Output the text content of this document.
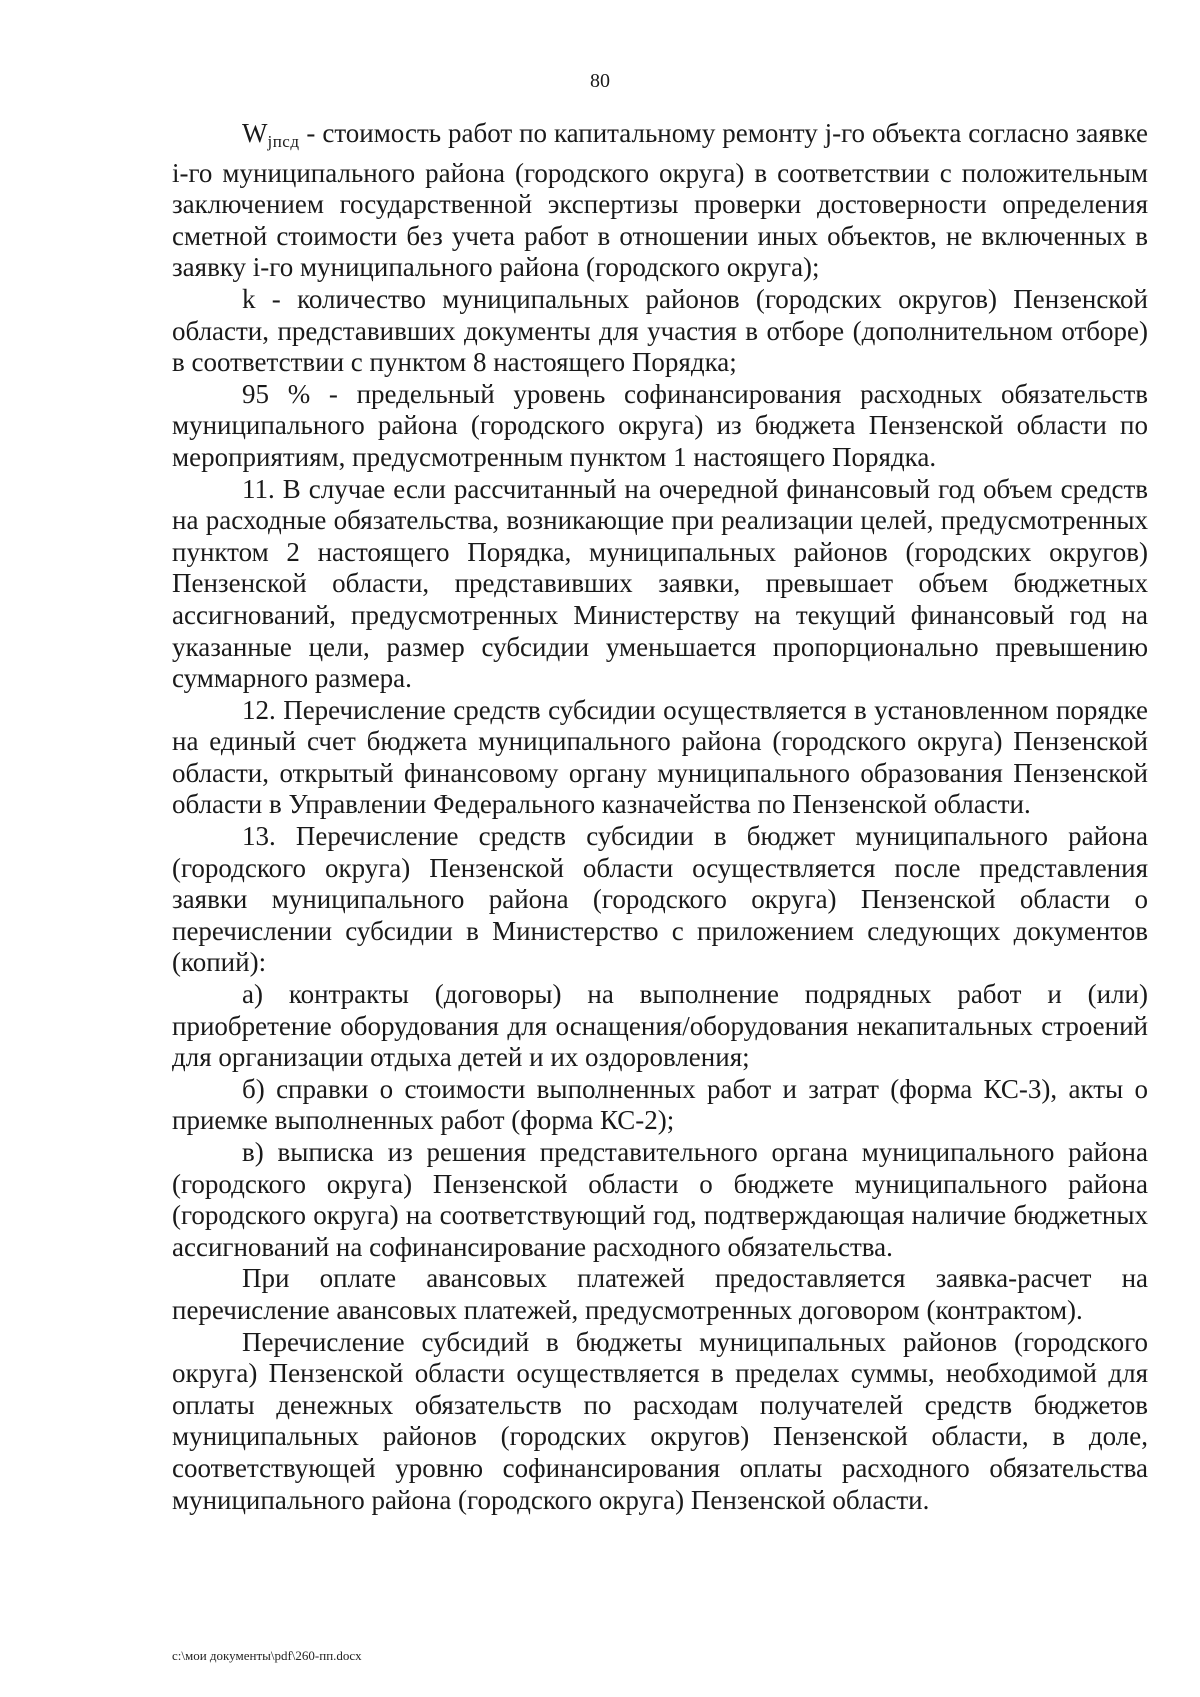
80

$W_{jпсд}$ - стоимость работ по капитальному ремонту j-го объекта согласно заявке i-го муниципального района (городского округа) в соответствии с положительным заключением государственной экспертизы проверки достоверности определения сметной стоимости без учета работ в отношении иных объектов, не включенных в заявку i-го муниципального района (городского округа);

k - количество муниципальных районов (городских округов) Пензенской области, представивших документы для участия в отборе (дополнительном отборе) в соответствии с пунктом 8 настоящего Порядка;

95 % - предельный уровень софинансирования расходных обязательств муниципального района (городского округа) из бюджета Пензенской области по мероприятиям, предусмотренным пунктом 1 настоящего Порядка.

11. В случае если рассчитанный на очередной финансовый год объем средств на расходные обязательства, возникающие при реализации целей, предусмотренных пунктом 2 настоящего Порядка, муниципальных районов (городских округов) Пензенской области, представивших заявки, превышает объем бюджетных ассигнований, предусмотренных Министерству на текущий финансовый год на указанные цели, размер субсидии уменьшается пропорционально превышению суммарного размера.

12. Перечисление средств субсидии осуществляется в установленном порядке на единый счет бюджета муниципального района (городского округа) Пензенской области, открытый финансовому органу муниципального образования Пензенской области в Управлении Федерального казначейства по Пензенской области.

13. Перечисление средств субсидии в бюджет муниципального района (городского округа) Пензенской области осуществляется после представления заявки муниципального района (городского округа) Пензенской области о перечислении субсидии в Министерство с приложением следующих документов (копий):

а) контракты (договоры) на выполнение подрядных работ и (или) приобретение оборудования для оснащения/оборудования некапитальных строений для организации отдыха детей и их оздоровления;

б) справки о стоимости выполненных работ и затрат (форма КС-3), акты о приемке выполненных работ (форма КС-2);

в) выписка из решения представительного органа муниципального района (городского округа) Пензенской области о бюджете муниципального района (городского округа) на соответствующий год, подтверждающая наличие бюджетных ассигнований на софинансирование расходного обязательства.

При оплате авансовых платежей предоставляется заявка-расчет на перечисление авансовых платежей, предусмотренных договором (контрактом).

Перечисление субсидий в бюджеты муниципальных районов (городского округа) Пензенской области осуществляется в пределах суммы, необходимой для оплаты денежных обязательств по расходам получателей средств бюджетов муниципальных районов (городских округов) Пензенской области, в доле, соответствующей уровню софинансирования оплаты расходного обязательства муниципального района (городского округа) Пензенской области.

c:\мои документы\pdf\260-пп.docx
